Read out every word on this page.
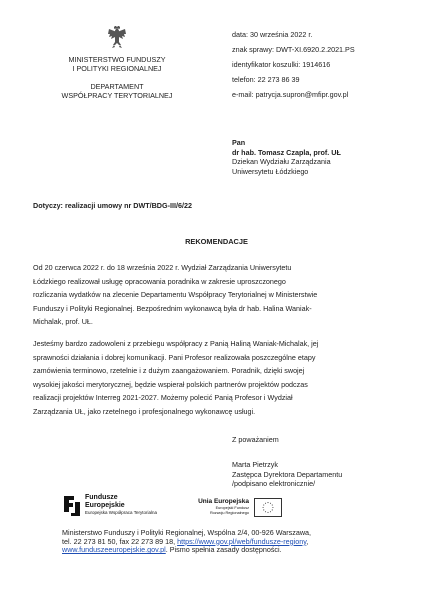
MINISTERSTWO FUNDUSZY
I POLITYKI REGIONALNEJ
DEPARTAMENT
WSPÓŁPRACY TERYTORIALNEJ
data: 30 września 2022 r.
znak sprawy: DWT-XI.6920.2.2021.PS
identyfikator koszulki: 1914616
telefon: 22 273 86 39
e-mail: patrycja.supron@mfipr.gov.pl
Pan
dr hab. Tomasz Czapla, prof. UŁ
Dziekan Wydziału Zarządzania
Uniwersytetu Łódzkiego
Dotyczy: realizacji umowy nr DWT/BDG-III/6/22
REKOMENDACJE
Od 20 czerwca 2022 r. do 18 września 2022 r. Wydział Zarządzania Uniwersytetu
Łódzkiego realizował usługę opracowania poradnika w zakresie uproszczonego
rozliczania wydatków na zlecenie Departamentu Współpracy Terytorialnej w Ministerstwie
Funduszy i Polityki Regionalnej. Bezpośrednim wykonawcą była dr hab. Halina Waniak-
Michalak, prof. UŁ.
Jesteśmy bardzo zadowoleni z przebiegu współpracy z Panią Haliną Waniak-Michalak, jej
sprawności działania i dobrej komunikacji. Pani Profesor realizowała poszczególne etapy
zamówienia terminowo, rzetelnie i z dużym zaangażowaniem. Poradnik, dzięki swojej
wysokiej jakości merytorycznej, będzie wspierał polskich partnerów projektów podczas
realizacji projektów Interreg 2021-2027. Możemy polecić Panią Profesor i Wydział
Zarządzania UŁ, jako rzetelnego i profesjonalnego wykonawcę usługi.
Z poważaniem
Marta Pietrzyk
Zastępca Dyrektora Departamentu
/podpisano elektronicznie/
Fundusze
Europejskie
Europejska Współpraca Terytorialna
Unia Europejska
Europejski Fundusz
Rozwoju Regionalnego
Ministerstwo Funduszy i Polityki Regionalnej, Wspólna 2/4, 00-926 Warszawa,
tel. 22 273 81 50, fax 22 273 89 18, https://www.gov.pl/web/fundusze-regiony,
www.funduszeeuropejskie.gov.pl. Pismo spełnia zasady dostępności.
